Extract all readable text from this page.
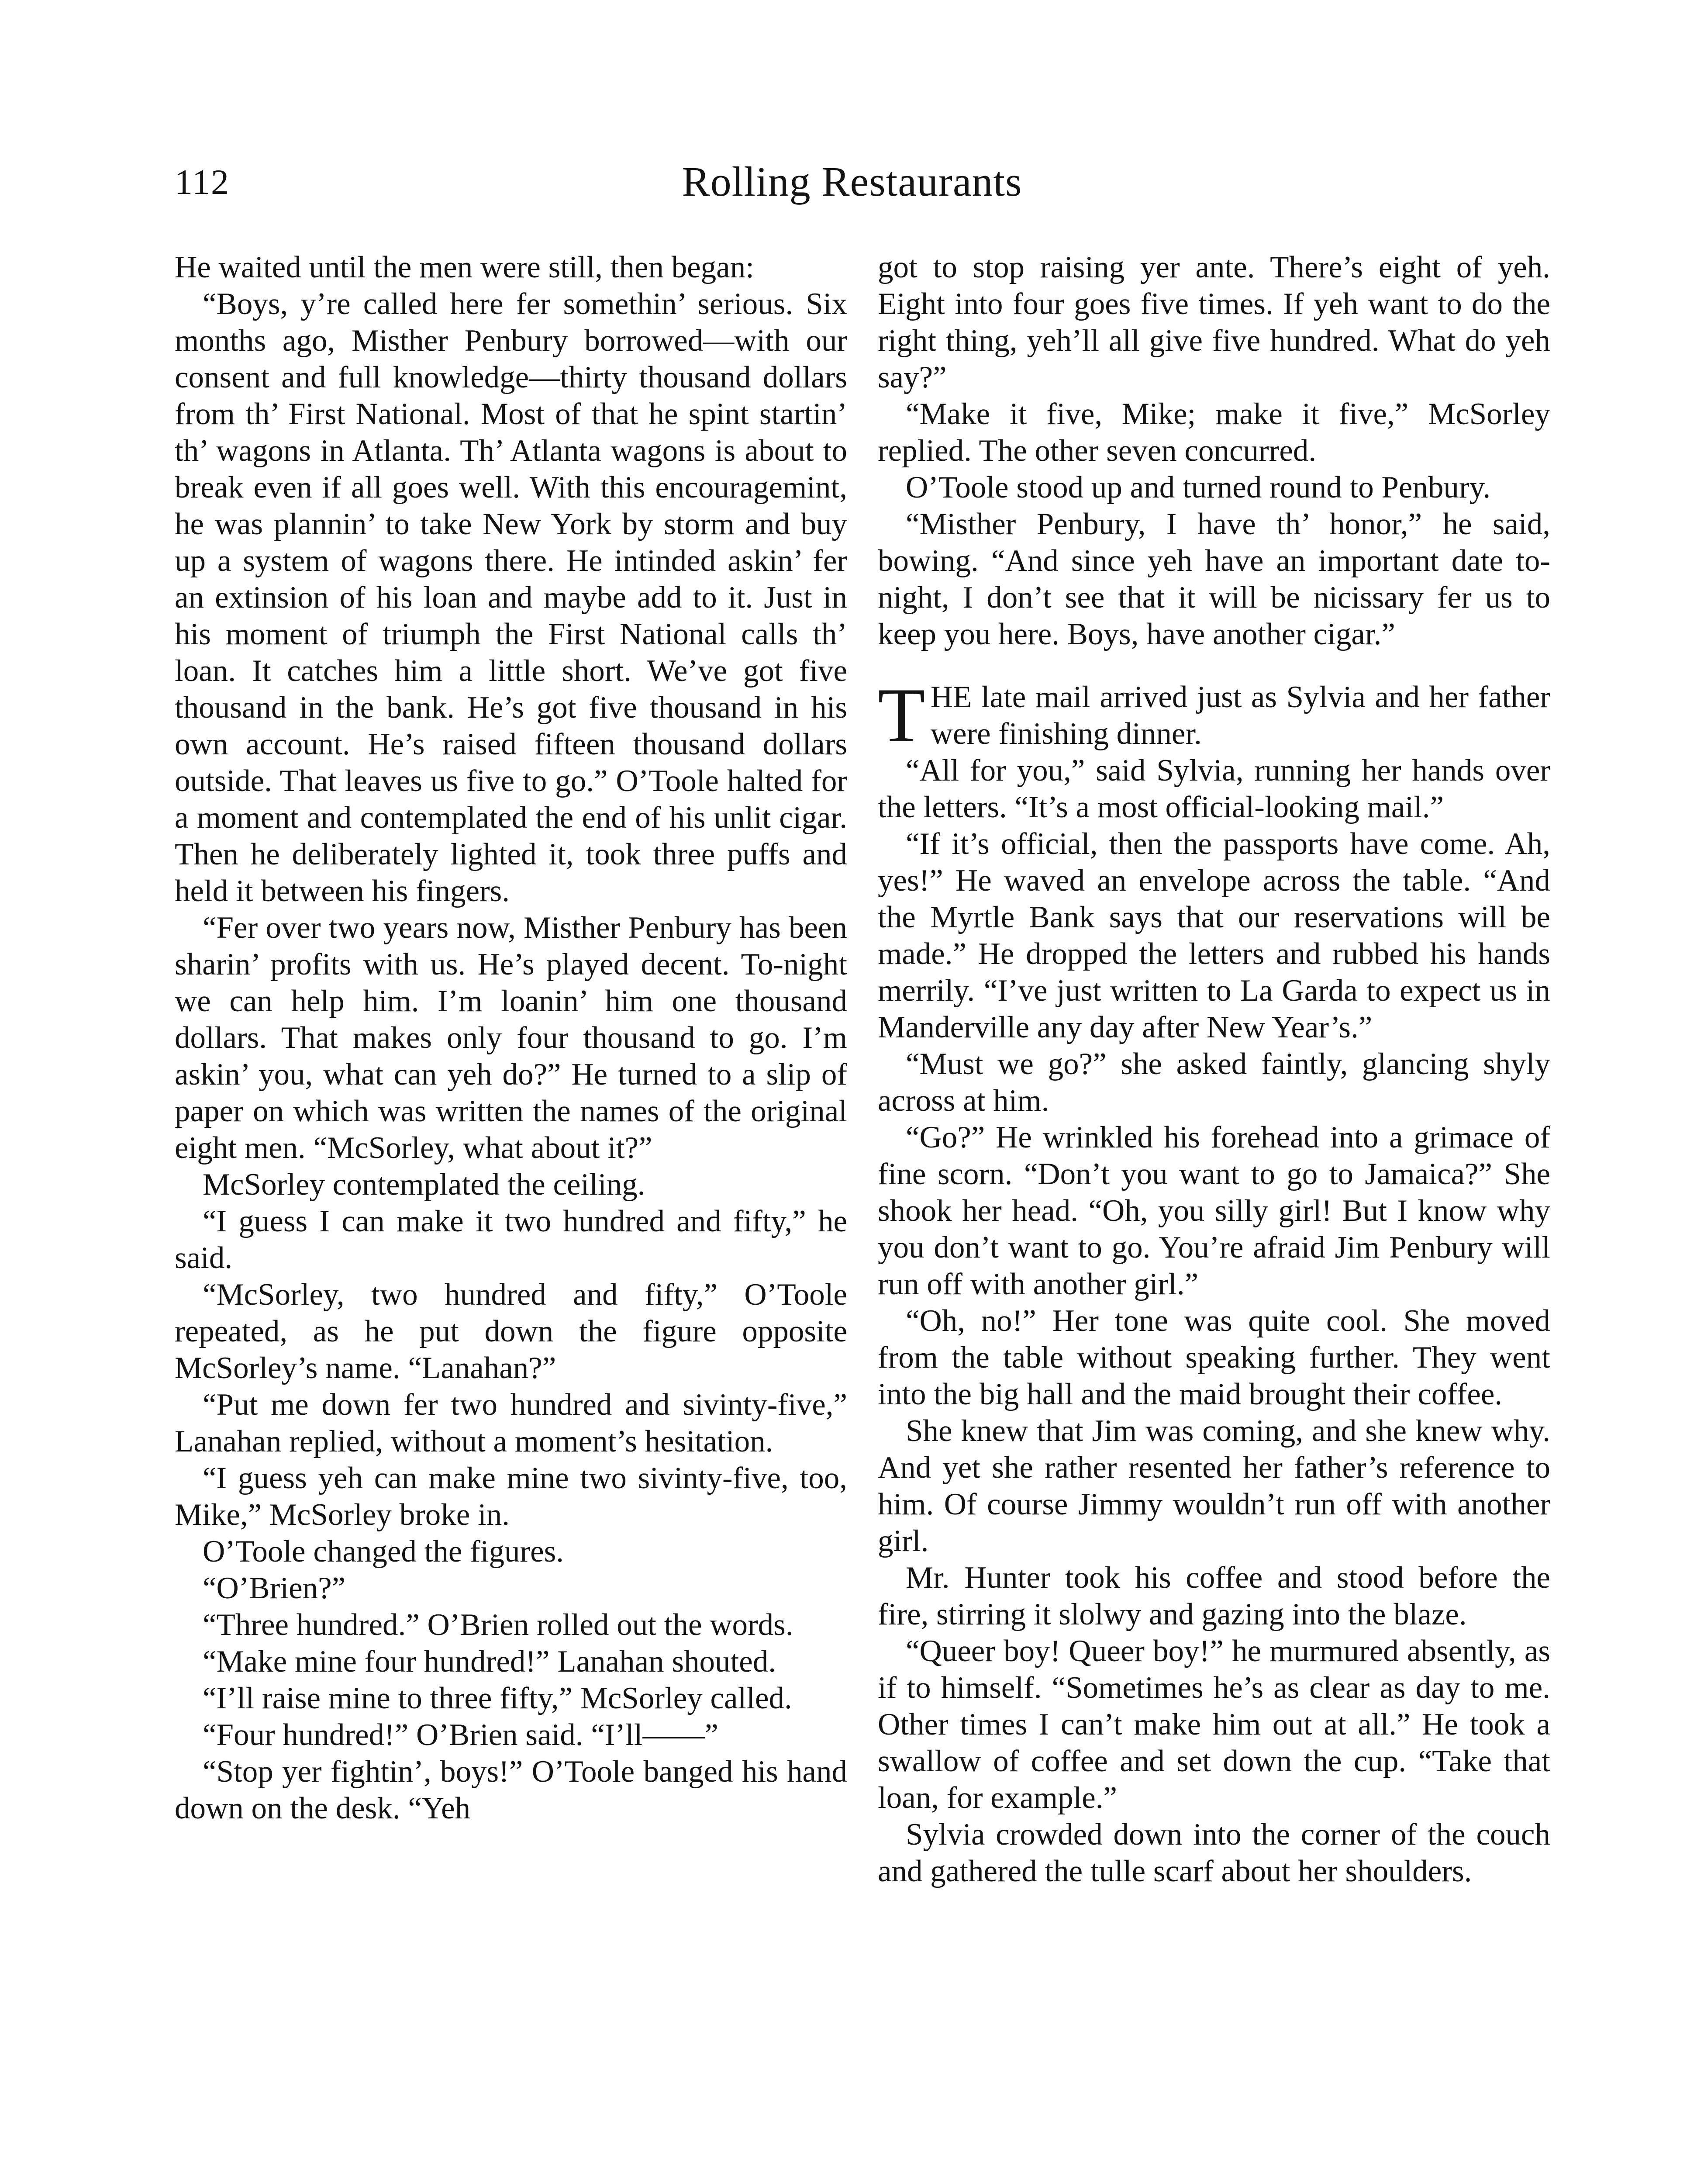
112	Rolling Restaurants

He waited until the men were still, then began:

“Boys, y’re called here fer somethin’ serious. Six months ago, Misther Penbury borrowed—with our consent and full knowledge—thirty thousand dollars from th’ First National. Most of that he spint startin’ th’ wagons in Atlanta. Th’ Atlanta wagons is about to break even if all goes well. With this encouragemint, he was plannin’ to take New York by storm and buy up a system of wagons there. He intinded askin’ fer an extinsion of his loan and maybe add to it. Just in his moment of triumph the First National calls th’ loan. It catches him a little short. We’ve got five thousand in the bank. He’s got five thousand in his own account. He’s raised fifteen thousand dollars outside. That leaves us five to go.” O’Toole halted for a moment and contemplated the end of his unlit cigar. Then he deliberately lighted it, took three puffs and held it between his fingers.

“Fer over two years now, Misther Penbury has been sharin’ profits with us. He’s played decent. To-night we can help him. I’m loanin’ him one thousand dollars. That makes only four thousand to go. I’m askin’ you, what can yeh do?” He turned to a slip of paper on which was written the names of the original eight men. “McSorley, what about it?”

McSorley contemplated the ceiling.

“I guess I can make it two hundred and fifty,” he said.

“McSorley, two hundred and fifty,” O’Toole repeated, as he put down the figure opposite McSorley’s name. “Lanahan?”

“Put me down fer two hundred and sivinty-five,” Lanahan replied, without a moment’s hesitation.

“I guess yeh can make mine two sivinty-five, too, Mike,” McSorley broke in.

O’Toole changed the figures.

“O’Brien?”

“Three hundred.” O’Brien rolled out the words.

“Make mine four hundred!” Lanahan shouted.

“I’ll raise mine to three fifty,” McSorley called.

“Four hundred!” O’Brien said. “I’ll——”

“Stop yer fightin’, boys!” O’Toole banged his hand down on the desk. “Yeh

got to stop raising yer ante. There’s eight of yeh. Eight into four goes five times. If yeh want to do the right thing, yeh’ll all give five hundred. What do yeh say?”

“Make it five, Mike; make it five,” McSorley replied. The other seven concurred.

O’Toole stood up and turned round to Penbury.

“Misther Penbury, I have th’ honor,” he said, bowing. “And since yeh have an important date to-night, I don’t see that it will be nicissary fer us to keep you here. Boys, have another cigar.”

THE late mail arrived just as Sylvia and her father were finishing dinner.

“All for you,” said Sylvia, running her hands over the letters. “It’s a most official-looking mail.”

“If it’s official, then the passports have come. Ah, yes!” He waved an envelope across the table. “And the Myrtle Bank says that our reservations will be made.” He dropped the letters and rubbed his hands merrily. “I’ve just written to La Garda to expect us in Manderville any day after New Year’s.”

“Must we go?” she asked faintly, glancing shyly across at him.

“Go?” He wrinkled his forehead into a grimace of fine scorn. “Don’t you want to go to Jamaica?” She shook her head. “Oh, you silly girl! But I know why you don’t want to go. You’re afraid Jim Penbury will run off with another girl.”

“Oh, no!” Her tone was quite cool. She moved from the table without speaking further. They went into the big hall and the maid brought their coffee.

She knew that Jim was coming, and she knew why. And yet she rather resented her father’s reference to him. Of course Jimmy wouldn’t run off with another girl.

Mr. Hunter took his coffee and stood before the fire, stirring it slolwy and gazing into the blaze.

“Queer boy! Queer boy!” he murmured absently, as if to himself. “Sometimes he’s as clear as day to me. Other times I can’t make him out at all.” He took a swallow of coffee and set down the cup. “Take that loan, for example.”

Sylvia crowded down into the corner of the couch and gathered the tulle scarf about her shoulders.
